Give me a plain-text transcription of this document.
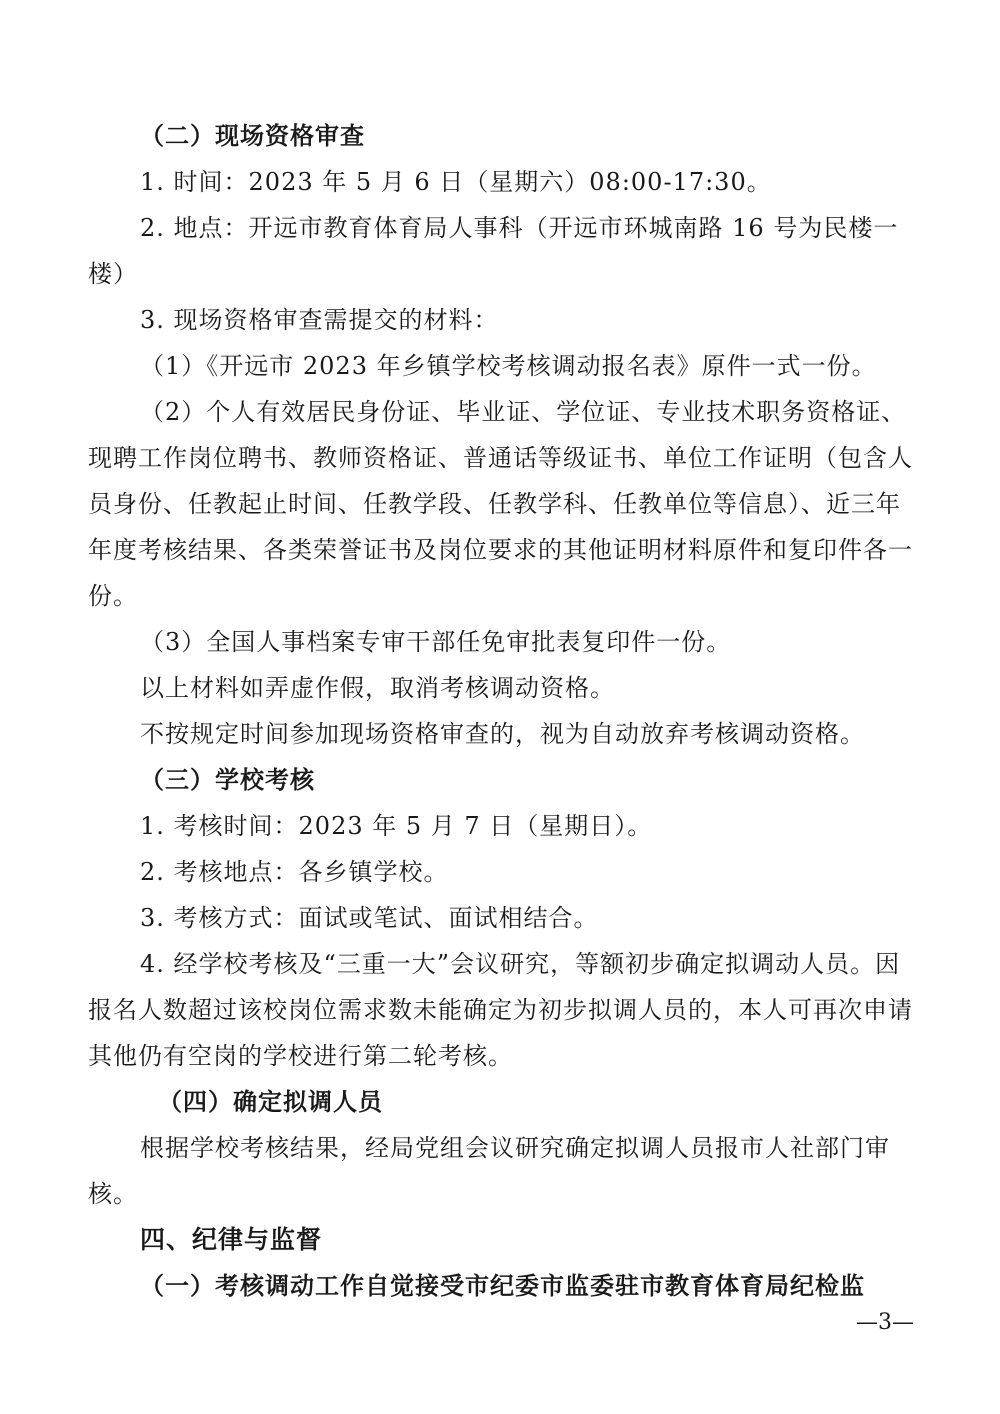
（二）现场资格审查

1. 时间：2023 年 5 月 6 日（星期六）08:00-17:30。

2. 地点：开远市教育体育局人事科（开远市环城南路 16 号为民楼一楼）

3. 现场资格审查需提交的材料：

（1）《开远市 2023 年乡镇学校考核调动报名表》原件一式一份。

（2）个人有效居民身份证、毕业证、学位证、专业技术职务资格证、现聘工作岗位聘书、教师资格证、普通话等级证书、单位工作证明（包含人员身份、任教起止时间、任教学段、任教学科、任教单位等信息）、近三年年度考核结果、各类荣誉证书及岗位要求的其他证明材料原件和复印件各一份。

（3）全国人事档案专审干部任免审批表复印件一份。

以上材料如弄虚作假，取消考核调动资格。

不按规定时间参加现场资格审查的，视为自动放弃考核调动资格。

（三）学校考核

1. 考核时间：2023 年 5 月 7 日（星期日）。

2. 考核地点：各乡镇学校。

3. 考核方式：面试或笔试、面试相结合。

4. 经学校考核及“三重一大”会议研究，等额初步确定拟调动人员。因报名人数超过该校岗位需求数未能确定为初步拟调人员的，本人可再次申请其他仍有空岗的学校进行第二轮考核。

（四）确定拟调人员

根据学校考核结果，经局党组会议研究确定拟调人员报市人社部门审核。

四、纪律与监督

（一）考核调动工作自觉接受市纪委市监委驻市教育体育局纪检监

—3—
